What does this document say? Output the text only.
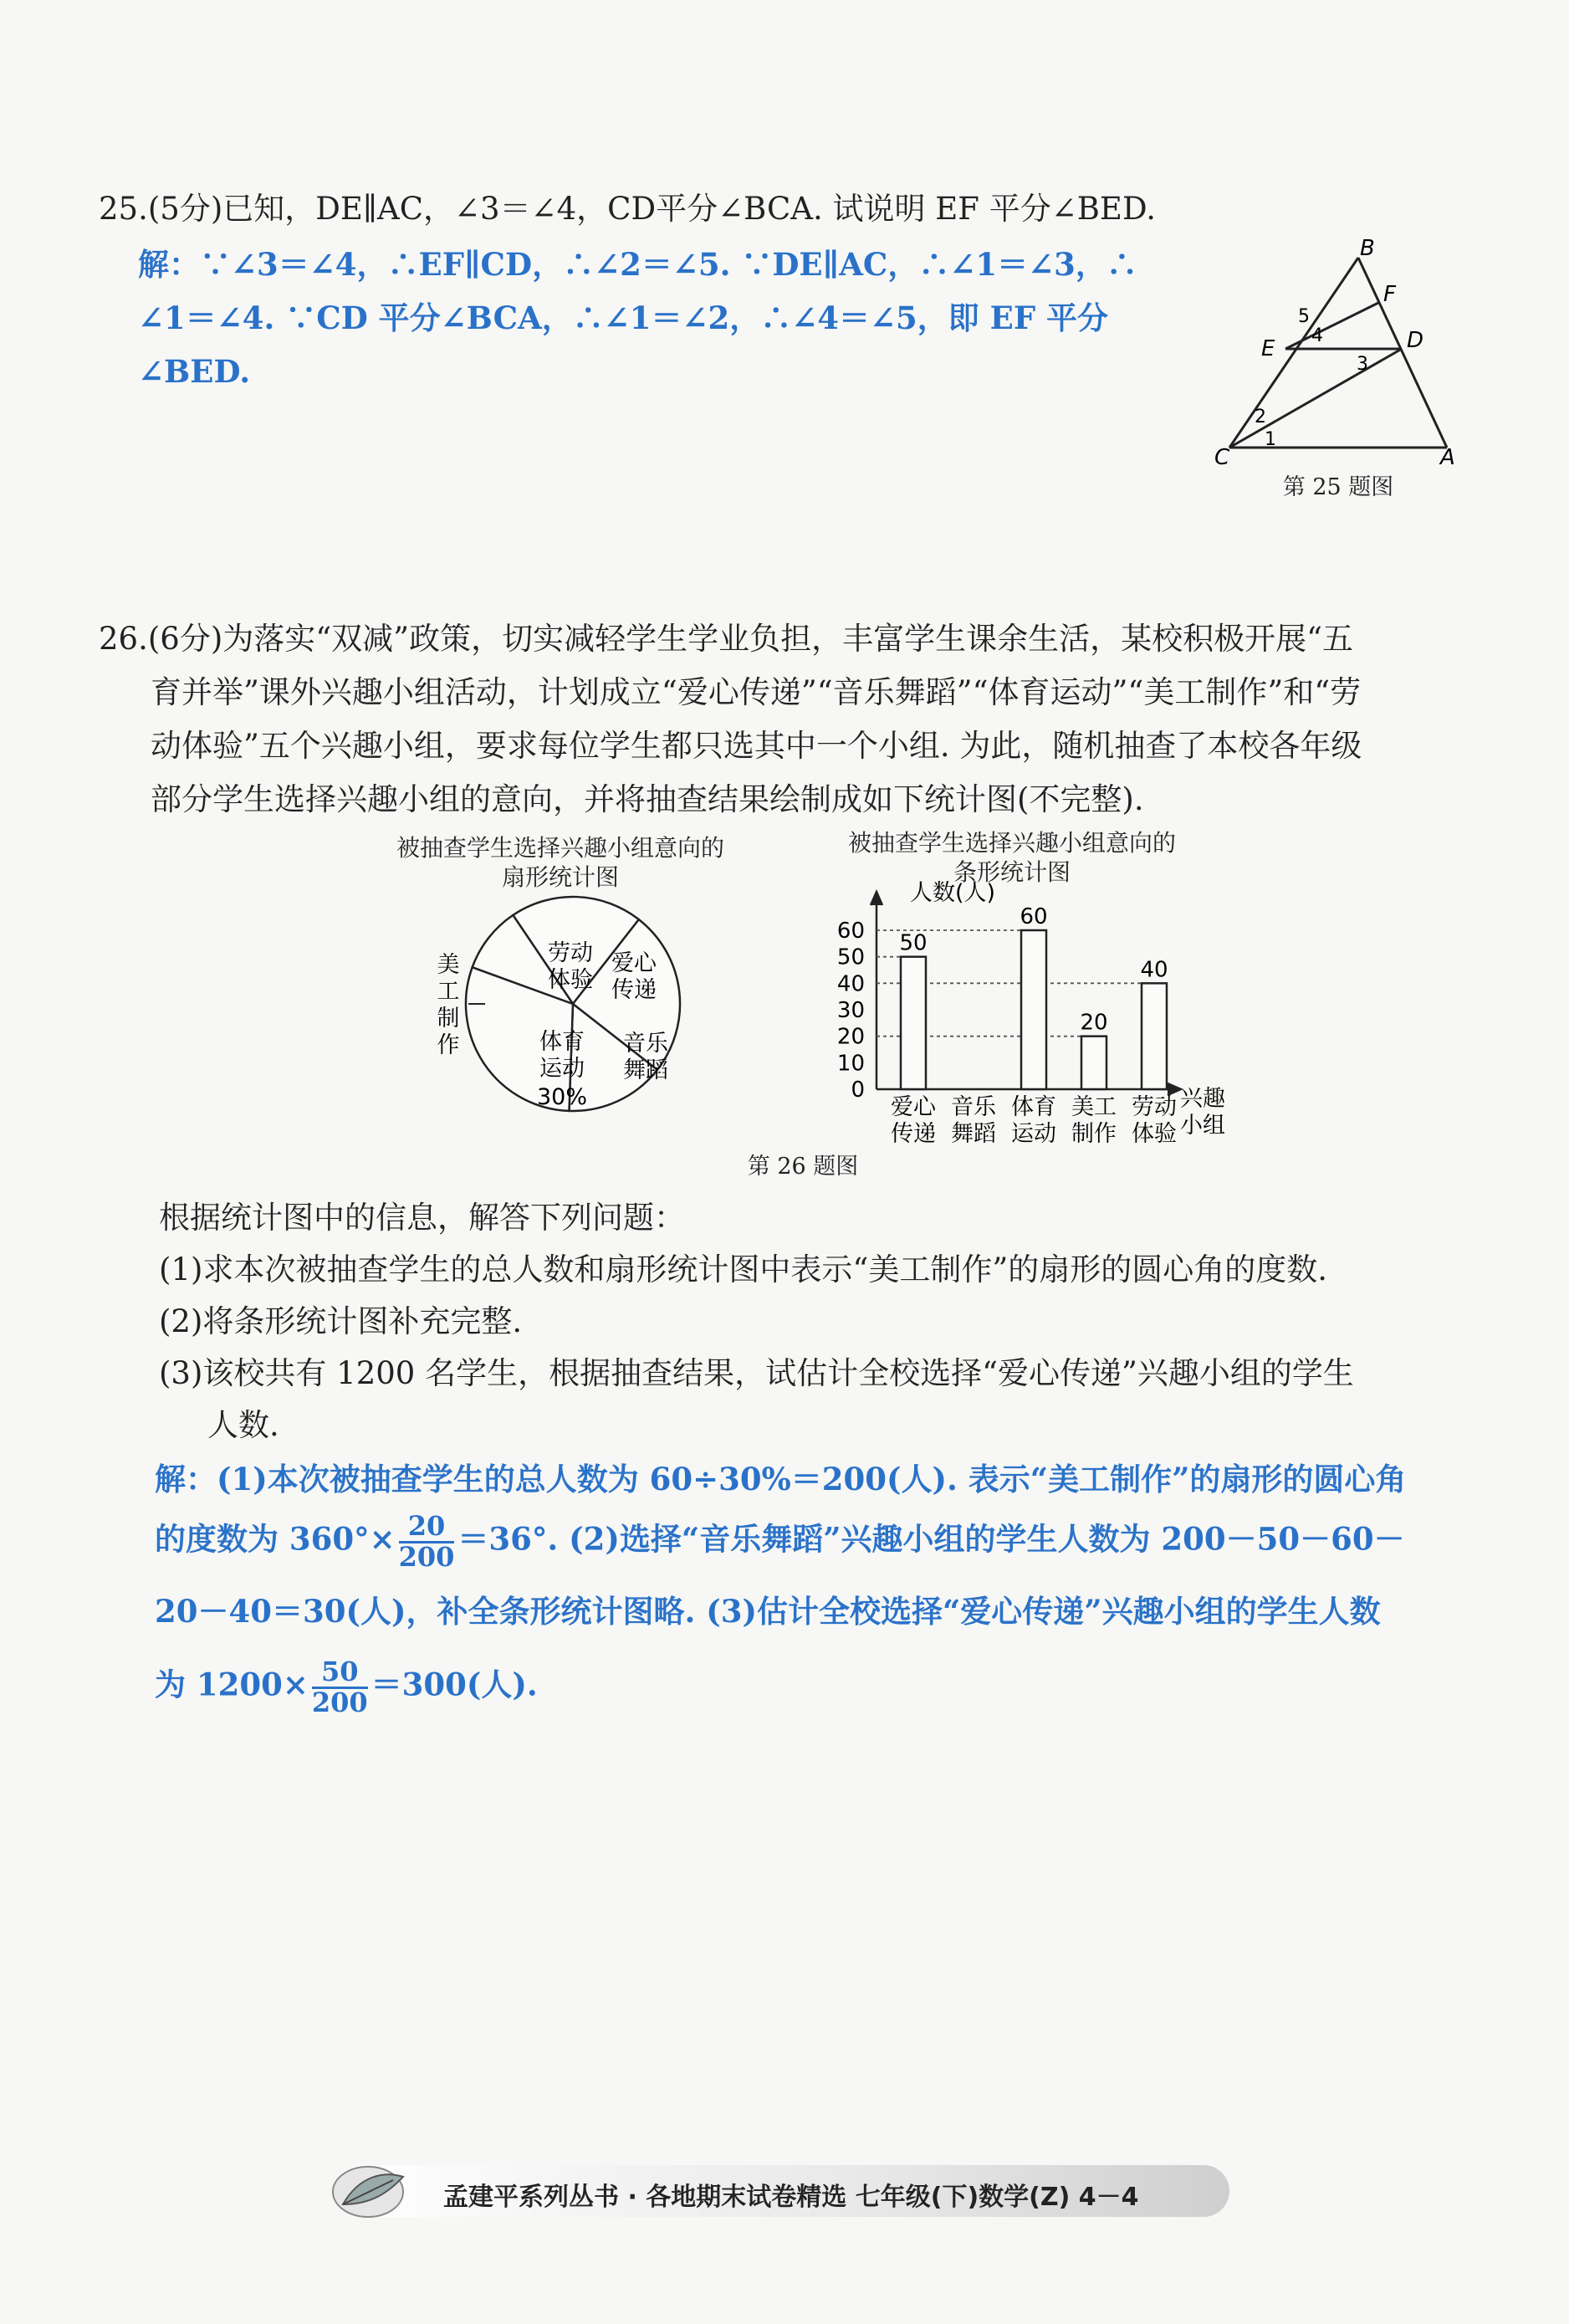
25.(5分)已知，DE∥AC，∠3＝∠4，CD平分∠BCA. 试说明 EF 平分∠BED.
解：∵∠3＝∠4，∴EF∥CD，∴∠2＝∠5. ∵DE∥AC，∴∠1＝∠3，∴
∠1＝∠4. ∵CD 平分∠BCA，∴∠1＝∠2，∴∠4＝∠5，即 EF 平分
∠BED.
B
F
E	D
C	A
5
4
3
2
1
第 25 题图
26.(6分)为落实“双减”政策，切实减轻学生学业负担，丰富学生课余生活，某校积极开展“五
育并举”课外兴趣小组活动，计划成立“爱心传递”“音乐舞蹈”“体育运动”“美工制作”和“劳
动体验”五个兴趣小组，要求每位学生都只选其中一个小组. 为此，随机抽查了本校各年级
部分学生选择兴趣小组的意向，并将抽查结果绘制成如下统计图(不完整).
被抽查学生选择兴趣小组意向的
扇形统计图
劳动
体验
爱心
传递
音乐
舞蹈
体育
运动
30%
美
工
制
作
被抽查学生选择兴趣小组意向的
条形统计图
0
10
20
30
40
50
60
爱心
传递
音乐
舞蹈
体育
运动
美工
制作
劳动
体验
50
60
20
40
人数(人)
兴趣
小组
第 26 题图
根据统计图中的信息，解答下列问题：
(1)求本次被抽查学生的总人数和扇形统计图中表示“美工制作”的扇形的圆心角的度数.
(2)将条形统计图补充完整.
(3)该校共有 1200 名学生，根据抽查结果，试估计全校选择“爱心传递”兴趣小组的学生
人数.
解：(1)本次被抽查学生的总人数为 60÷30%＝200(人). 表示“美工制作”的扇形的圆心角
的度数为 $360^\circ\times \frac{20}{200} =36^\circ$. (2)选择“音乐舞蹈”兴趣小组的学生人数为 200－50－60－
20－40＝30(人)，补全条形统计图略. (3)估计全校选择“爱心传递”兴趣小组的学生人数
为 $1200\times \frac{50}{200} =300$(人).
孟建平系列丛书 · 各地期末试卷精选 七年级(下)数学(Z) 4－4
